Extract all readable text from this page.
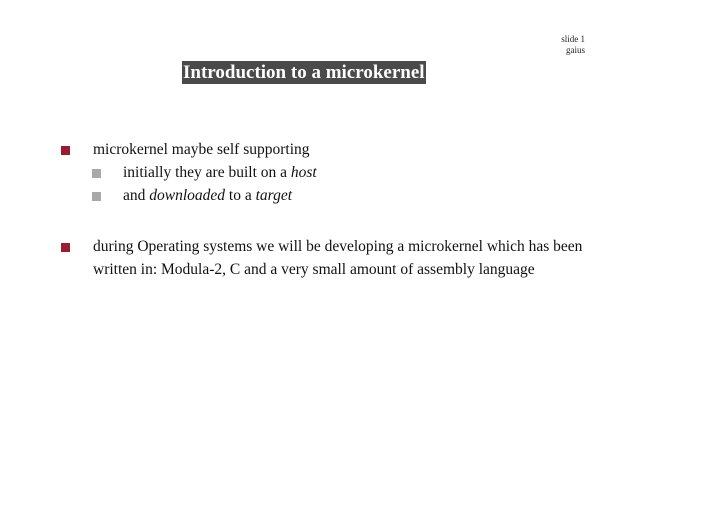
slide 1
gaius
Introduction to a microkernel
microkernel maybe self supporting
initially they are built on a host
and downloaded to a target
during Operating systems we will be developing a microkernel which has been written in: Modula-2, C and a very small amount of assembly language
